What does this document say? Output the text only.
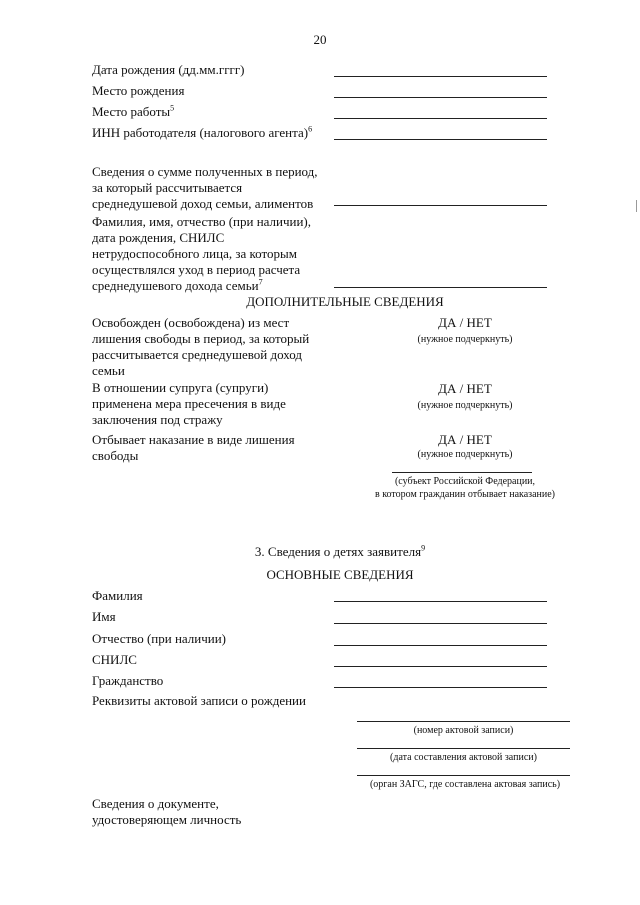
20
Дата рождения (дд.мм.гггг)
Место рождения
Место работы$^5$
ИНН работодателя (налогового агента)$^6$
Сведения о сумме полученных в период,
за который рассчитывается
среднедушевой доход семьи, алиментов
Фамилия, имя, отчество (при наличии),
дата рождения, СНИЛС
нетрудоспособного лица, за которым
осуществлялся уход в период расчета
среднедушевого дохода семьи$^7$
ДОПОЛНИТЕЛЬНЫЕ СВЕДЕНИЯ
Освобожден (освобождена) из мест
лишения свободы в период, за который
рассчитывается среднедушевой доход
семьи
ДА / НЕТ
(нужное подчеркнуть)
В отношении супруга (супруги)
применена мера пресечения в виде
заключения под стражу
ДА / НЕТ
(нужное подчеркнуть)
Отбывает наказание в виде лишения
свободы
ДА / НЕТ
(нужное подчеркнуть)
(субъект Российской Федерации,
в котором гражданин отбывает наказание)
3. Сведения о детях заявителя$^9$
ОСНОВНЫЕ СВЕДЕНИЯ
Фамилия
Имя
Отчество (при наличии)
СНИЛС
Гражданство
Реквизиты актовой записи о рождении
(номер актовой записи)
(дата составления актовой записи)
(орган ЗАГС, где составлена актовая запись)
Сведения о документе,
удостоверяющем личность
